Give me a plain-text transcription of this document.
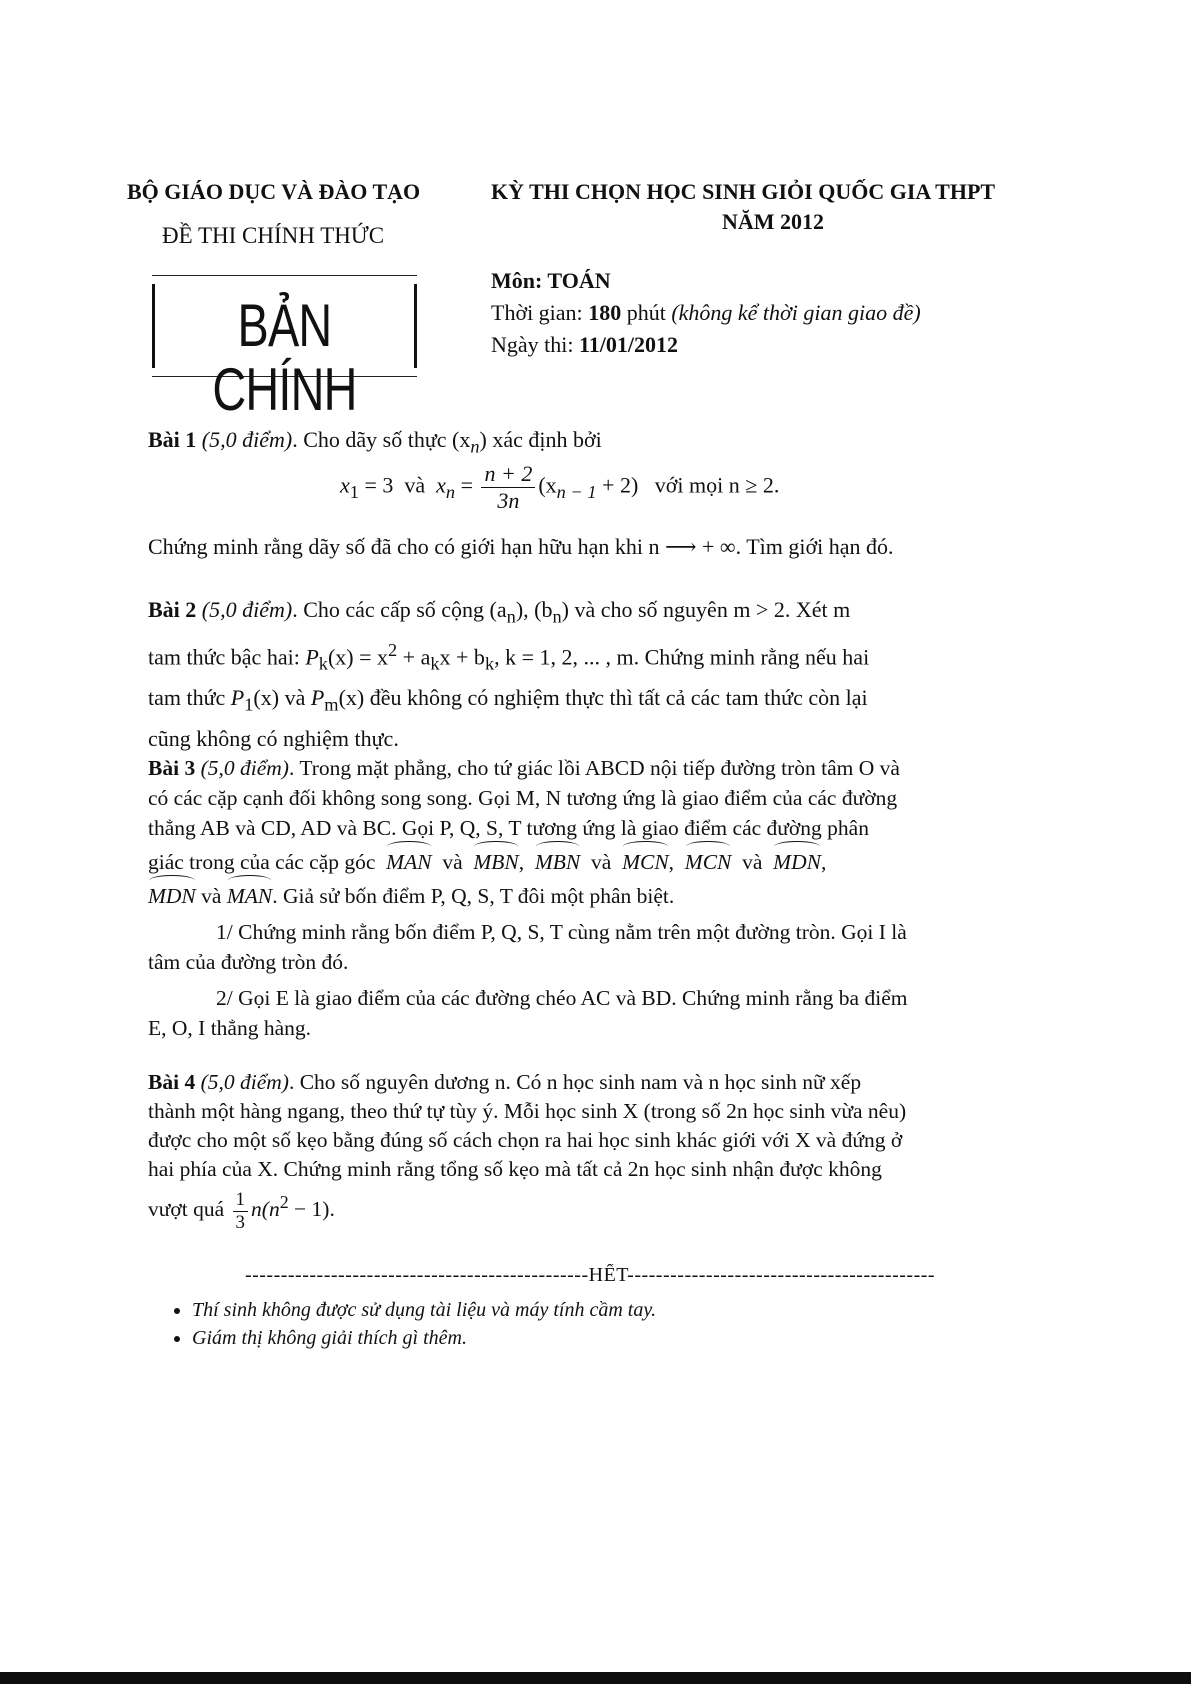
BỘ GIÁO DỤC VÀ ĐÀO TẠO
ĐỀ THI CHÍNH THỨC
BẢN CHÍNH
KỲ THI CHỌN HỌC SINH GIỎI QUỐC GIA THPT
NĂM 2012
Môn: TOÁN
Thời gian: 180 phút (không kể thời gian giao đề)
Ngày thi: 11/01/2012
Bài 1 (5,0 điểm). Cho dãy số thực $(x_n)$ xác định bởi
$x_1 = 3$ và $x_n = \frac{n + 2}{3n} (x_{n - 1} + 2)$ với mọi n ≥ 2.
Chứng minh rằng dãy số đã cho có giới hạn hữu hạn khi n ⟶ + ∞. Tìm giới hạn đó.
Bài 2 (5,0 điểm). Cho các cấp số cộng $(a_n)$, $(b_n)$ và cho số nguyên m > 2. Xét m
tam thức bậc hai: $P_k(x) = x^2 + a_kx + b_k$, k = 1, 2, ... , m. Chứng minh rằng nếu hai
tam thức $P_1(x)$ và $P_m(x)$ đều không có nghiệm thực thì tất cả các tam thức còn lại
cũng không có nghiệm thực.
Bài 3 (5,0 điểm). Trong mặt phẳng, cho tứ giác lồi ABCD nội tiếp đường tròn tâm O và
có các cặp cạnh đối không song song. Gọi M, N tương ứng là giao điểm của các đường
thẳng AB và CD, AD và BC. Gọi P, Q, S, T tương ứng là giao điểm các đường phân
giác trong của các cặp góc MAN và MBN,  MBN và MCN,  MCN và MDN,
MDN và MAN. Giả sử bốn điểm P, Q, S, T đôi một phân biệt.
1/ Chứng minh rằng bốn điểm P, Q, S, T cùng nằm trên một đường tròn. Gọi I là
tâm của đường tròn đó.
2/ Gọi E là giao điểm của các đường chéo AC và BD. Chứng minh rằng ba điểm
E, O, I thẳng hàng.
Bài 4 (5,0 điểm). Cho số nguyên dương n. Có n học sinh nam và n học sinh nữ xếp
thành một hàng ngang, theo thứ tự tùy ý. Mỗi học sinh X (trong số 2n học sinh vừa nêu)
được cho một số kẹo bằng đúng số cách chọn ra hai học sinh khác giới với X và đứng ở
hai phía của X. Chứng minh rằng tổng số kẹo mà tất cả 2n học sinh nhận được không
vượt quá $\frac{1}{3} n(n^2 - 1)$.
------------------------------------------------HẾT-------------------------------------------
• Thí sinh không được sử dụng tài liệu và máy tính cầm tay.
• Giám thị không giải thích gì thêm.
